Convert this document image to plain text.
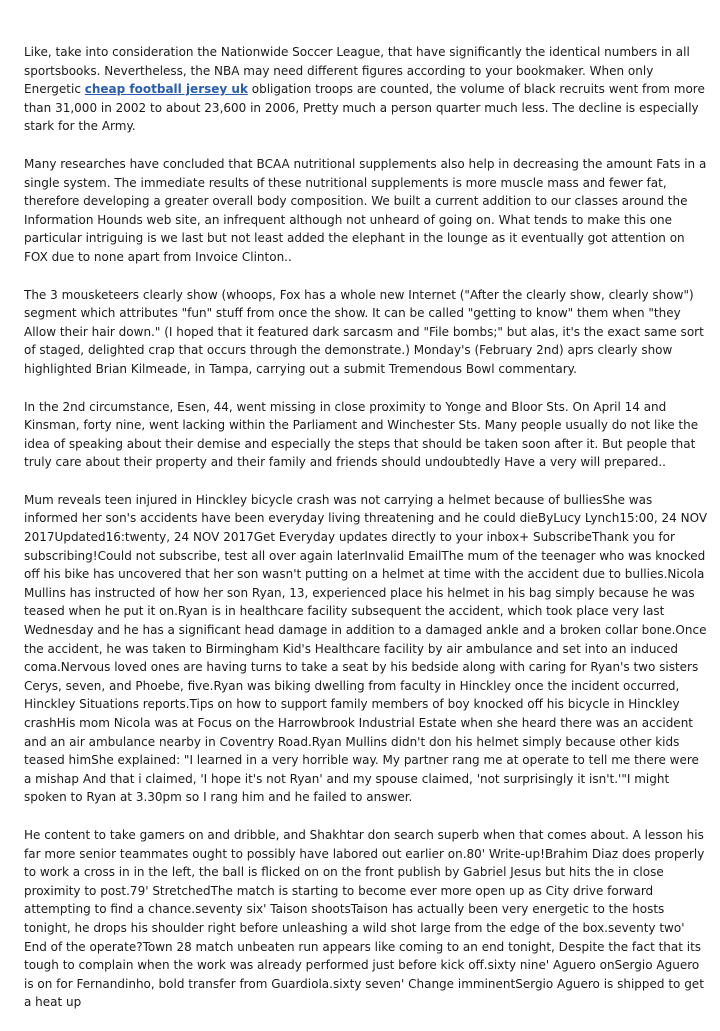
Like, take into consideration the Nationwide Soccer League, that have significantly the identical numbers in all sportsbooks. Nevertheless, the NBA may need different figures according to your bookmaker. When only Energetic cheap football jersey uk obligation troops are counted, the volume of black recruits went from more than 31,000 in 2002 to about 23,600 in 2006, Pretty much a person quarter much less. The decline is especially stark for the Army.

Many researches have concluded that BCAA nutritional supplements also help in decreasing the amount Fats in a single system. The immediate results of these nutritional supplements is more muscle mass and fewer fat, therefore developing a greater overall body composition. We built a current addition to our classes around the Information Hounds web site, an infrequent although not unheard of going on. What tends to make this one particular intriguing is we last but not least added the elephant in the lounge as it eventually got attention on FOX due to none apart from Invoice Clinton..

The 3 mousketeers clearly show (whoops, Fox has a whole new Internet ("After the clearly show, clearly show") segment which attributes "fun" stuff from once the show. It can be called "getting to know" them when "they Allow their hair down." (I hoped that it featured dark sarcasm and "File bombs;" but alas, it's the exact same sort of staged, delighted crap that occurs through the demonstrate.) Monday's (February 2nd) aprs clearly show highlighted Brian Kilmeade, in Tampa, carrying out a submit Tremendous Bowl commentary.

In the 2nd circumstance, Esen, 44, went missing in close proximity to Yonge and Bloor Sts. On April 14 and Kinsman, forty nine, went lacking within the Parliament and Winchester Sts. Many people usually do not like the idea of speaking about their demise and especially the steps that should be taken soon after it. But people that truly care about their property and their family and friends should undoubtedly Have a very will prepared..

Mum reveals teen injured in Hinckley bicycle crash was not carrying a helmet because of bulliesShe was informed her son's accidents have been everyday living threatening and he could dieByLucy Lynch15:00, 24 NOV 2017Updated16:twenty, 24 NOV 2017Get Everyday updates directly to your inbox+ SubscribeThank you for subscribing!Could not subscribe, test all over again laterInvalid EmailThe mum of the teenager who was knocked off his bike has uncovered that her son wasn't putting on a helmet at time with the accident due to bullies.Nicola Mullins has instructed of how her son Ryan, 13, experienced place his helmet in his bag simply because he was teased when he put it on.Ryan is in healthcare facility subsequent the accident, which took place very last Wednesday and he has a significant head damage in addition to a damaged ankle and a broken collar bone.Once the accident, he was taken to Birmingham Kid's Healthcare facility by air ambulance and set into an induced coma.Nervous loved ones are having turns to take a seat by his bedside along with caring for Ryan's two sisters Cerys, seven, and Phoebe, five.Ryan was biking dwelling from faculty in Hinckley once the incident occurred, Hinckley Situations reports.Tips on how to support family members of boy knocked off his bicycle in Hinckley crashHis mom Nicola was at Focus on the Harrowbrook Industrial Estate when she heard there was an accident and an air ambulance nearby in Coventry Road.Ryan Mullins didn't don his helmet simply because other kids teased himShe explained: "I learned in a very horrible way. My partner rang me at operate to tell me there were a mishap And that i claimed, 'I hope it's not Ryan' and my spouse claimed, 'not surprisingly it isn't.'"I might spoken to Ryan at 3.30pm so I rang him and he failed to answer.

He content to take gamers on and dribble, and Shakhtar don search superb when that comes about. A lesson his far more senior teammates ought to possibly have labored out earlier on.80' Write-up!Brahim Diaz does properly to work a cross in in the left, the ball is flicked on on the front publish by Gabriel Jesus but hits the in close proximity to post.79' StretchedThe match is starting to become ever more open up as City drive forward attempting to find a chance.seventy six' Taison shootsTaison has actually been very energetic to the hosts tonight, he drops his shoulder right before unleashing a wild shot large from the edge of the box.seventy two' End of the operate?Town 28 match unbeaten run appears like coming to an end tonight, Despite the fact that its tough to complain when the work was already performed just before kick off.sixty nine' Aguero onSergio Aguero is on for Fernandinho, bold transfer from Guardiola.sixty seven' Change imminentSergio Aguero is shipped to get a heat up
